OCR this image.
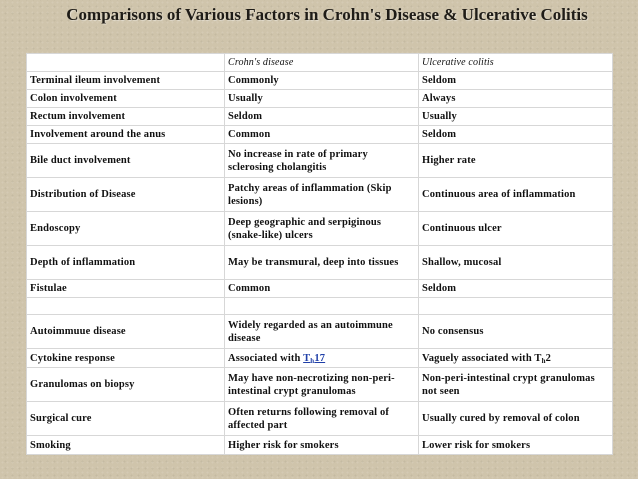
Comparisons of Various Factors in Crohn's Disease & Ulcerative Colitis
	Crohn's disease	Ulcerative colitis
Terminal ileum involvement	Commonly	Seldom
Colon involvement	Usually	Always
Rectum involvement	Seldom	Usually
Involvement around the anus	Common	Seldom
Bile duct involvement	No increase in rate of primary sclerosing cholangitis	Higher rate
Distribution of Disease	Patchy areas of inflammation (Skip lesions)	Continuous area of inflammation
Endoscopy	Deep geographic and serpiginous (snake-like) ulcers	Continuous ulcer
Depth of inflammation	May be transmural, deep into tissues	Shallow, mucosal
Fistulae	Common	Seldom

Autoimmuue disease	Widely regarded as an autoimmune disease	No consensus
Cytokine response	Associated with $T_h17$	Vaguely associated with $T_h2$
Granulomas on biopsy	May have non-necrotizing non-peri-intestinal crypt granulomas	Non-peri-intestinal crypt granulomas not seen
Surgical cure	Often returns following removal of affected part	Usually cured by removal of colon
Smoking	Higher risk for smokers	Lower risk for smokers
